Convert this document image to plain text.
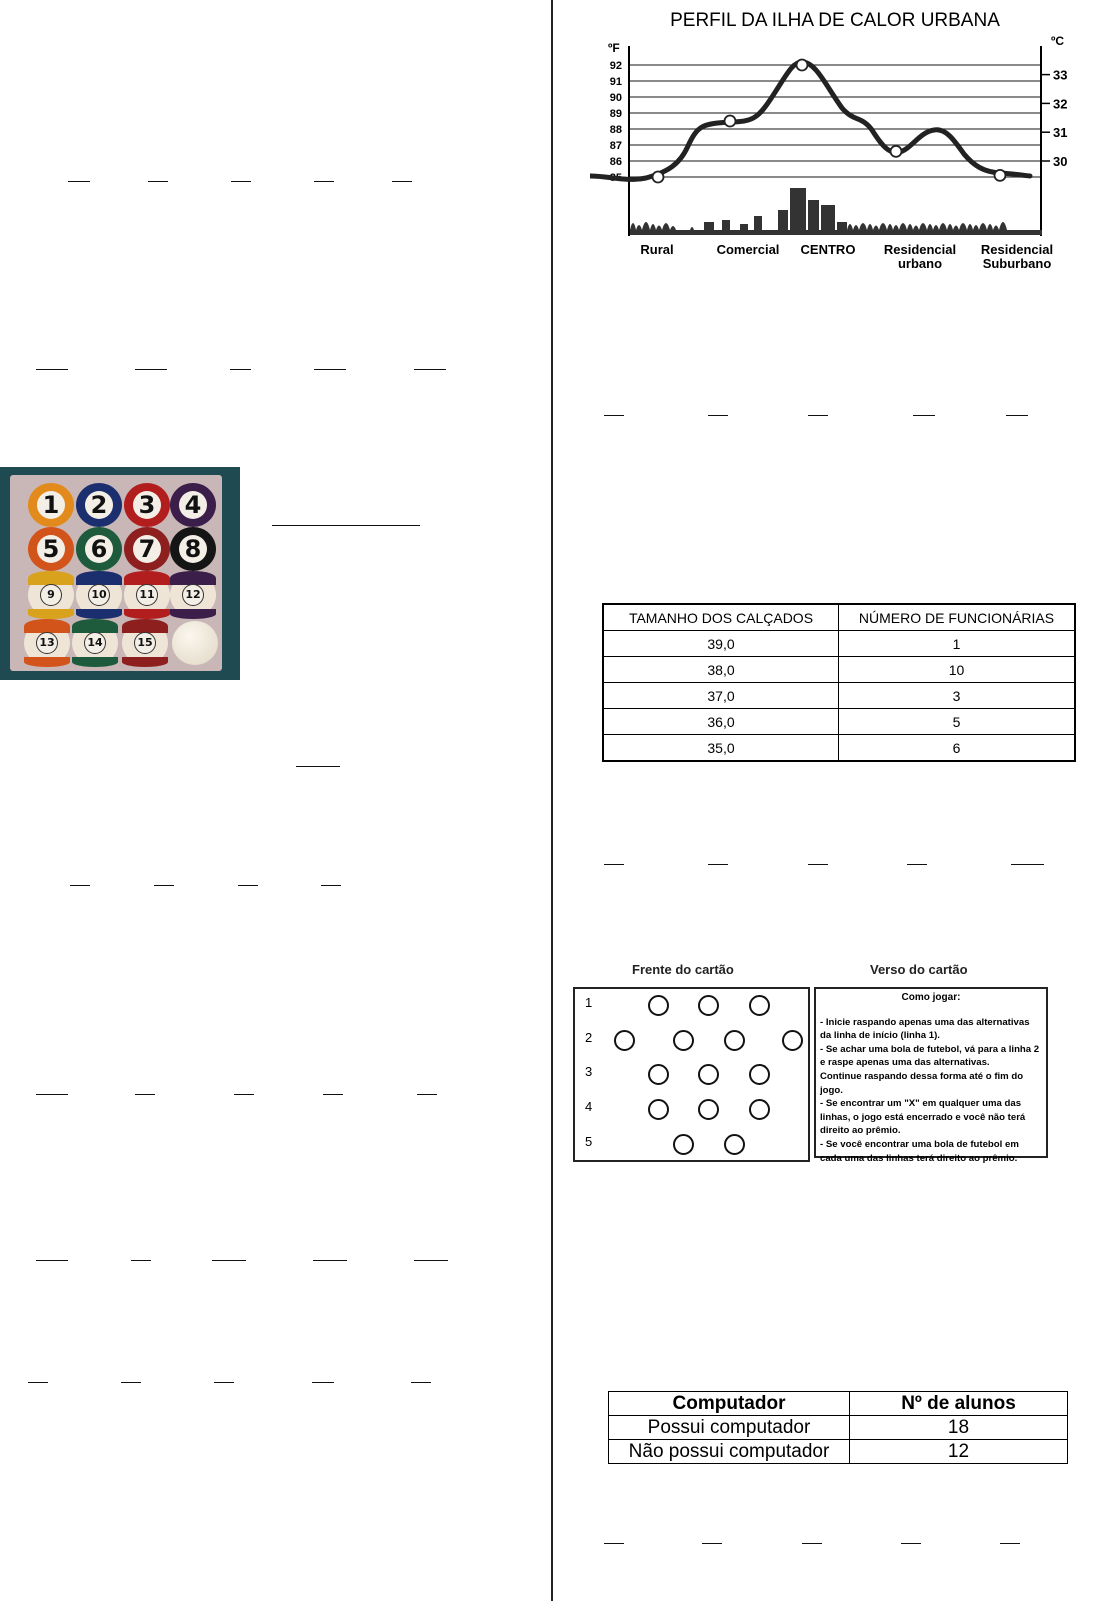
1 2 3 4
5 6 7 8
9	10	11	12
13	14	15
PERFIL DA ILHA DE CALOR URBANA
ºF	ºC
92
91
90
89
88
87
86
85
33
32
31
30
Rural	Comercial CENTRO Residencial
urbano
Residencial
Suburbano
TAMANHO DOS CALÇADOS	NÚMERO DE FUNCIONÁRIAS
39,0	1
38,0	10
37,0	3
36,0	5
35,0	6
Frente do cartão	Verso do cartão
1
2
3
4
5
Como jogar:
- Inicie raspando apenas uma das alternativas da linha de início (linha 1).
- Se achar uma bola de futebol, vá para a linha 2 e raspe apenas uma das alternativas.
Continue raspando dessa forma até o fim do jogo.
- Se encontrar um "X" em qualquer uma das linhas, o jogo está encerrado e você não terá direito ao prêmio.
- Se você encontrar uma bola de futebol em cada uma das linhas terá direito ao prêmio.
Computador	Nº de alunos
Possui computador	18
Não possui computador	12
